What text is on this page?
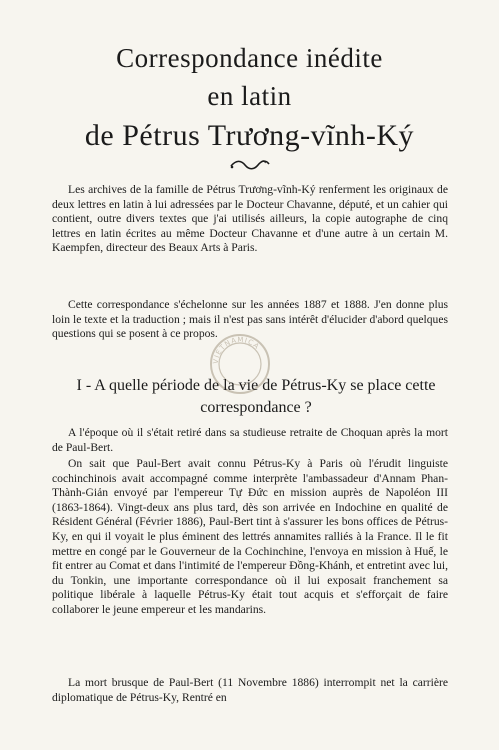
Correspondance inédite
en latin
de Pétrus Trương-vĩnh-Ký
VIETNAMICA
Les archives de la famille de Pétrus Trương-vĩnh-Ký renferment les originaux de deux lettres en latin à lui adressées par le Docteur Chavanne, député, et un cahier qui contient, outre divers textes que j'ai utilisés ailleurs, la copie autographe de cinq lettres en latin écrites au même Docteur Chavanne et d'une autre à un certain M. Kaempfen, directeur des Beaux Arts à Paris.
Cette correspondance s'échelonne sur les années 1887 et 1888. J'en donne plus loin le texte et la traduction ; mais il n'est pas sans intérêt d'élucider d'abord quelques questions qui se posent à ce propos.
I - A quelle période de la vie de Pétrus-Ky se place cette correspondance ?
A l'époque où il s'était retiré dans sa studieuse retraite de Choquan après la mort de Paul-Bert.
On sait que Paul-Bert avait connu Pétrus-Ky à Paris où l'érudit linguiste cochinchinois avait accompagné comme interprète l'ambassadeur d'Annam Phan-Thành-Giản envoyé par l'empereur Tự Đức en mission auprès de Napoléon III (1863-1864). Vingt-deux ans plus tard, dès son arrivée en Indochine en qualité de Résident Général (Février 1886), Paul-Bert tint à s'assurer les bons offices de Pétrus-Ky, en qui il voyait le plus éminent des lettrés annamites ralliés à la France. Il le fit mettre en congé par le Gouverneur de la Cochinchine, l'envoya en mission à Huế, le fit entrer au Comat et dans l'intimité de l'empereur Đồng-Khánh, et entretint avec lui, du Tonkin, une importante correspondance où il lui exposait franchement sa politique libérale à laquelle Pétrus-Ky était tout acquis et s'efforçait de faire collaborer le jeune empereur et les mandarins.
La mort brusque de Paul-Bert (11 Novembre 1886) interrompit net la carrière diplomatique de Pétrus-Ky, Rentré en
